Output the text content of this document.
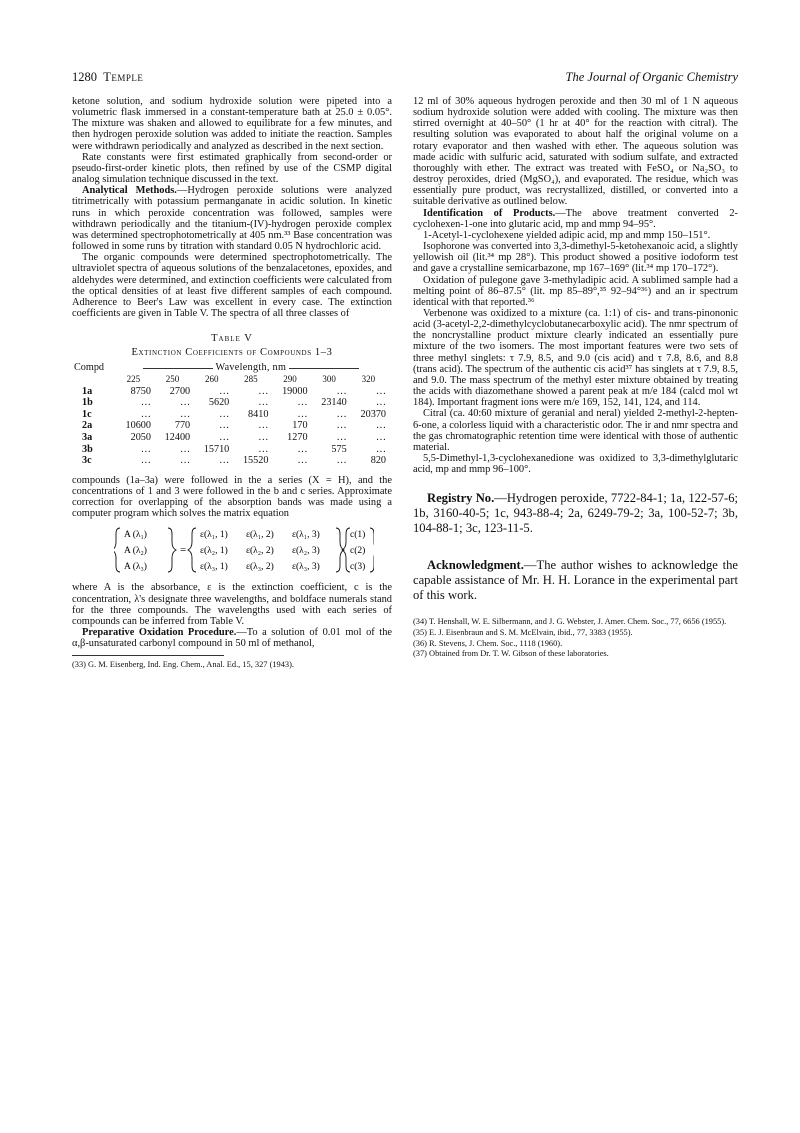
1280 Temple	The Journal of Organic Chemistry

ketone solution, and sodium hydroxide solution were pipeted into a volumetric flask immersed in a constant-temperature bath at 25.0 ± 0.05°. The mixture was shaken and allowed to equilibrate for a few minutes, and then hydrogen peroxide solution was added to initiate the reaction. Samples were withdrawn periodically and analyzed as described in the next section.

Rate constants were first estimated graphically from second-order or pseudo-first-order kinetic plots, then refined by use of the CSMP digital analog simulation technique discussed in the text.

Analytical Methods.—Hydrogen peroxide solutions were analyzed titrimetrically with potassium permanganate in acidic solution. In kinetic runs in which peroxide concentration was followed, samples were withdrawn periodically and the titanium-(IV)-hydrogen peroxide complex was determined spectrophotometrically at 405 nm.³³ Base concentration was followed in some runs by titration with standard 0.05 N hydrochloric acid.

The organic compounds were determined spectrophotometrically. The ultraviolet spectra of aqueous solutions of the benzalacetones, epoxides, and aldehydes were determined, and extinction coefficients were calculated from the optical densities of at least five different samples of each compound. Adherence to Beer's Law was excellent in every case. The extinction coefficients are given in Table V. The spectra of all three classes of

Table V
Extinction Coefficients of Compounds 1–3
Compd	Wavelength, nm						
	225	250	260	285	290	300	320
1a	8750	2700	…	…	19000	…	…
1b	…	…	5620	…	…	23140	…
1c	…	…	…	8410	…	…	20370
2a	10600	770	…	…	170	…	…
3a	2050	12400	…	…	1270	…	…
3b	…	…	15710	…	…	575	…
3c	…	…	…	15520	…	…	820

compounds (1a–3a) were followed in the a series (X = H), and the concentrations of 1 and 3 were followed in the b and c series. Approximate correction for overlapping of the absorption bands was made using a computer program which solves the matrix equation

A (λ₁)
A (λ₂)
A (λ₃)
ε(λ₁, 1) ε(λ₁, 2) ε(λ₁, 3)
ε(λ₂, 1) ε(λ₂, 2) ε(λ₂, 3)
ε(λ₃, 1) ε(λ₃, 2) ε(λ₃, 3)
c(1)
c(2)
c(3)
=

where A is the absorbance, ε is the extinction coefficient, c is the concentration, λ's designate three wavelengths, and boldface numerals stand for the three compounds. The wavelengths used with each series of compounds can be inferred from Table V.

Preparative Oxidation Procedure.—To a solution of 0.01 mol of the α,β-unsaturated carbonyl compound in 50 ml of methanol,

(33) G. M. Eisenberg, Ind. Eng. Chem., Anal. Ed., 15, 327 (1943).

12 ml of 30% aqueous hydrogen peroxide and then 30 ml of 1 N aqueous sodium hydroxide solution were added with cooling. The mixture was then stirred overnight at 40–50° (1 hr at 40° for the reaction with citral). The resulting solution was evaporated to about half the original volume on a rotary evaporator and then washed with ether. The aqueous solution was made acidic with sulfuric acid, saturated with sodium sulfate, and extracted thoroughly with ether. The extract was treated with FeSO₄ or Na₂SO₃ to destroy peroxides, dried (MgSO₄), and evaporated. The residue, which was essentially pure product, was recrystallized, distilled, or converted into a suitable derivative as outlined below.

Identification of Products.—The above treatment converted 2-cyclohexen-1-one into glutaric acid, mp and mmp 94–95°.

1-Acetyl-1-cyclohexene yielded adipic acid, mp and mmp 150–151°.

Isophorone was converted into 3,3-dimethyl-5-ketohexanoic acid, a slightly yellowish oil (lit.³⁴ mp 28°). This product showed a positive iodoform test and gave a crystalline semicarbazone, mp 167–169° (lit.³⁴ mp 170–172°).

Oxidation of pulegone gave 3-methyladipic acid. A sublimed sample had a melting point of 86–87.5° (lit. mp 85–89°,³⁵ 92–94°³⁶) and an ir spectrum identical with that reported.³⁶

Verbenone was oxidized to a mixture (ca. 1:1) of cis- and trans-pinononic acid (3-acetyl-2,2-dimethylcyclobutanecarboxylic acid). The nmr spectrum of the noncrystalline product mixture clearly indicated an essentially pure mixture of the two isomers. The most important features were two sets of three methyl singlets: τ 7.9, 8.5, and 9.0 (cis acid) and τ 7.8, 8.6, and 8.8 (trans acid). The spectrum of the authentic cis acid³⁷ has singlets at τ 7.9, 8.5, and 9.0. The mass spectrum of the methyl ester mixture obtained by treating the acids with diazomethane showed a parent peak at m/e 184 (calcd mol wt 184). Important fragment ions were m/e 169, 152, 141, 124, and 114.

Citral (ca. 40:60 mixture of geranial and neral) yielded 2-methyl-2-hepten-6-one, a colorless liquid with a characteristic odor. The ir and nmr spectra and the gas chromatographic retention time were identical with those of authentic material.

5,5-Dimethyl-1,3-cyclohexanedione was oxidized to 3,3-dimethylglutaric acid, mp and mmp 96–100°.

Registry No.—Hydrogen peroxide, 7722-84-1; 1a, 122-57-6; 1b, 3160-40-5; 1c, 943-88-4; 2a, 6249-79-2; 3a, 100-52-7; 3b, 104-88-1; 3c, 123-11-5.
Acknowledgment.—The author wishes to acknowledge the capable assistance of Mr. H. H. Lorance in the experimental part of this work.
(34) T. Henshall, W. E. Silbermann, and J. G. Webster, J. Amer. Chem. Soc., 77, 6656 (1955).
(35) E. J. Eisenbraun and S. M. McElvain, ibid., 77, 3383 (1955).
(36) R. Stevens, J. Chem. Soc., 1118 (1960).
(37) Obtained from Dr. T. W. Gibson of these laboratories.
